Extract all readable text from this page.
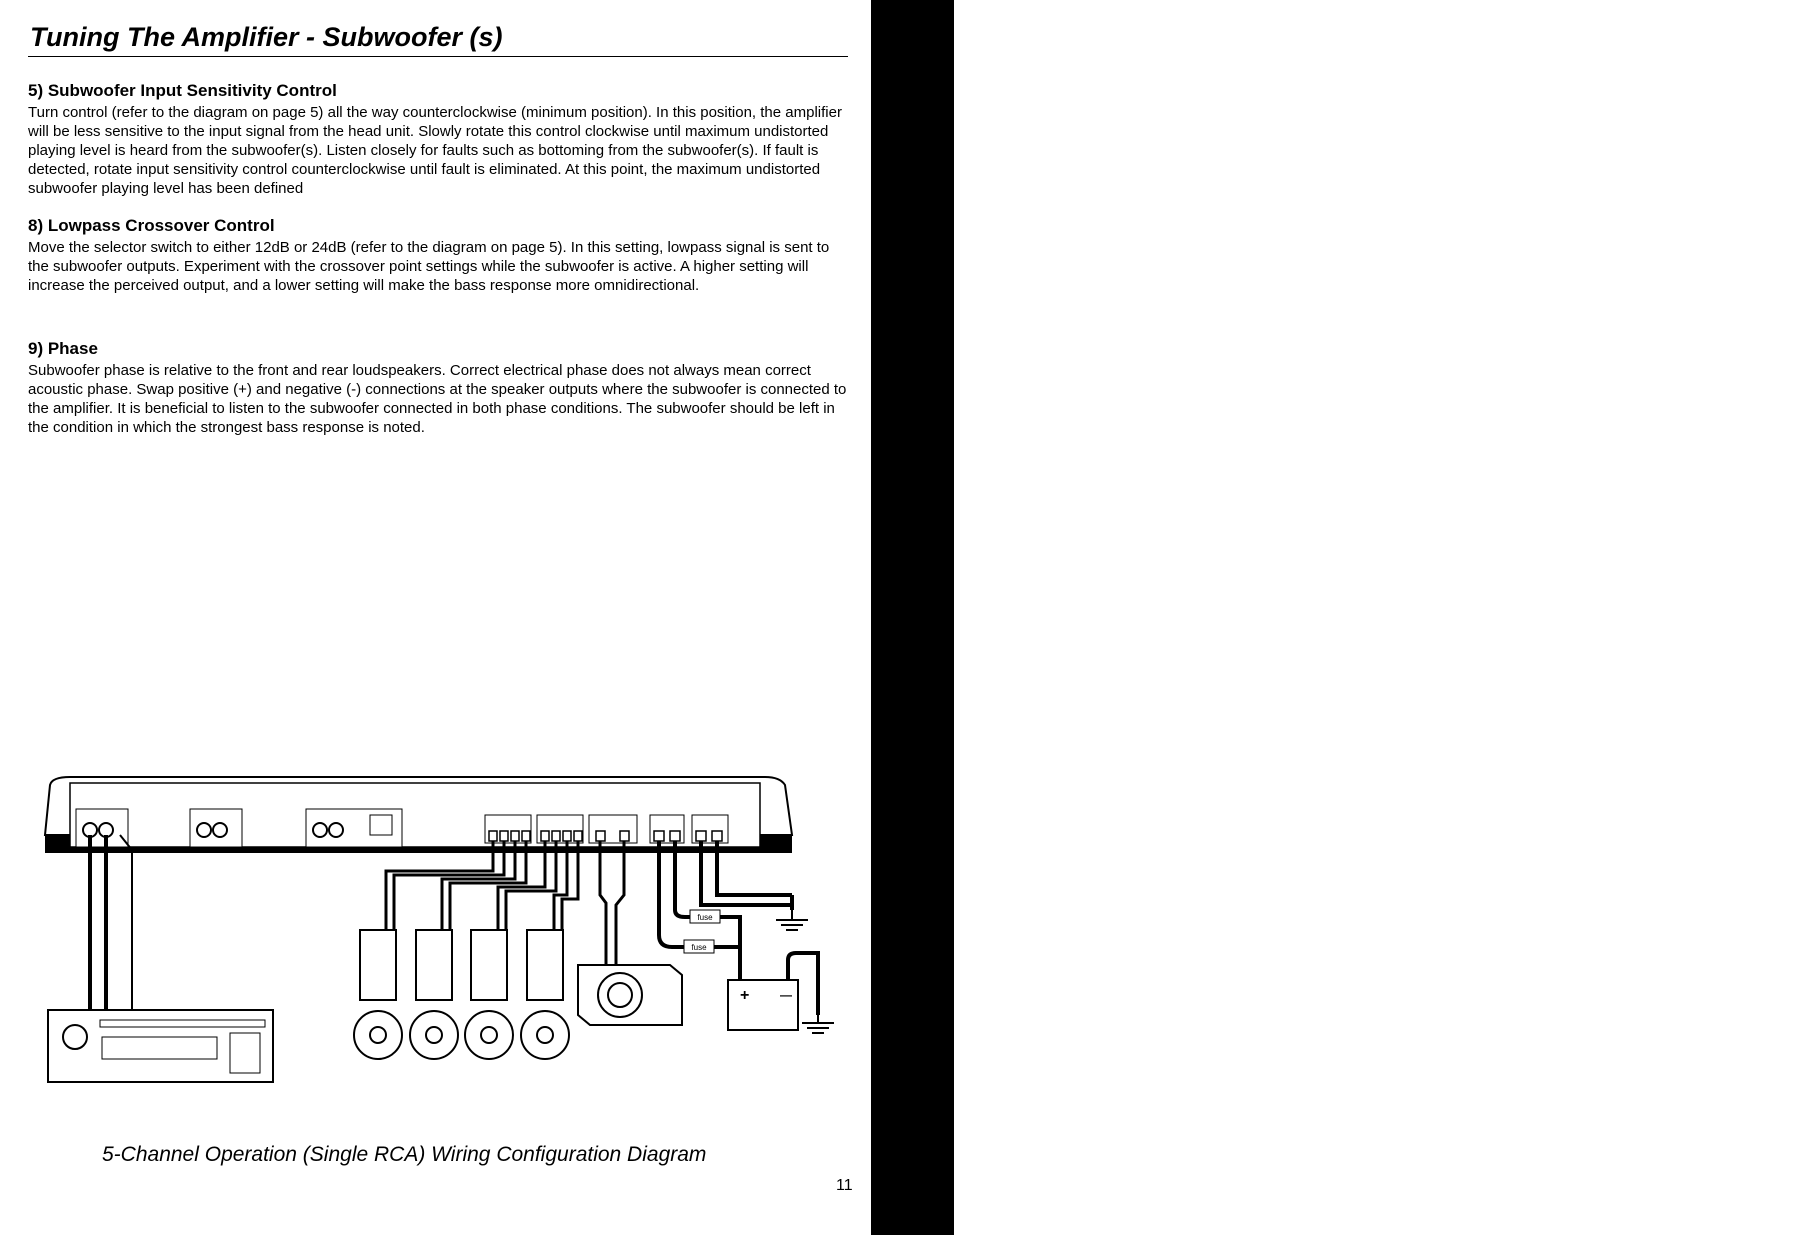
Tuning The Amplifier - Subwoofer (s)
Tuning The Amplifier - Subwoofer (s)
5) Subwoofer Input Sensitivity Control

Turn control (refer to the diagram on page 5) all the way counterclockwise (minimum position). In this position, the amplifier will be less sensitive to the input signal from the head unit. Slowly rotate this control clockwise until maximum undistorted playing level is heard from the subwoofer(s). Listen closely for faults such as bottoming from the subwoofer(s). If fault is detected, rotate input sensitivity control counterclockwise until fault is eliminated. At this point, the maximum undistorted subwoofer playing level has been defined

8) Lowpass Crossover Control

Move the selector switch to either 12dB or 24dB (refer to the diagram on page 5). In this setting, lowpass signal is sent to the subwoofer outputs. Experiment with the crossover point settings while the subwoofer is active. A higher setting will increase the perceived output, and a lower setting will make the bass response more omnidirectional.

9) Phase

Subwoofer phase is relative to the front and rear loudspeakers. Correct electrical phase does not always mean correct acoustic phase. Swap positive (+) and negative (-) connections at the speaker outputs where the subwoofer is connected to the amplifier. It is beneficial to listen to the subwoofer connected in both phase conditions. The subwoofer should be left in the condition in which the strongest bass response is noted.

fuse
fuse
+	—

5-Channel Operation (Single RCA) Wiring Configuration Diagram

11
